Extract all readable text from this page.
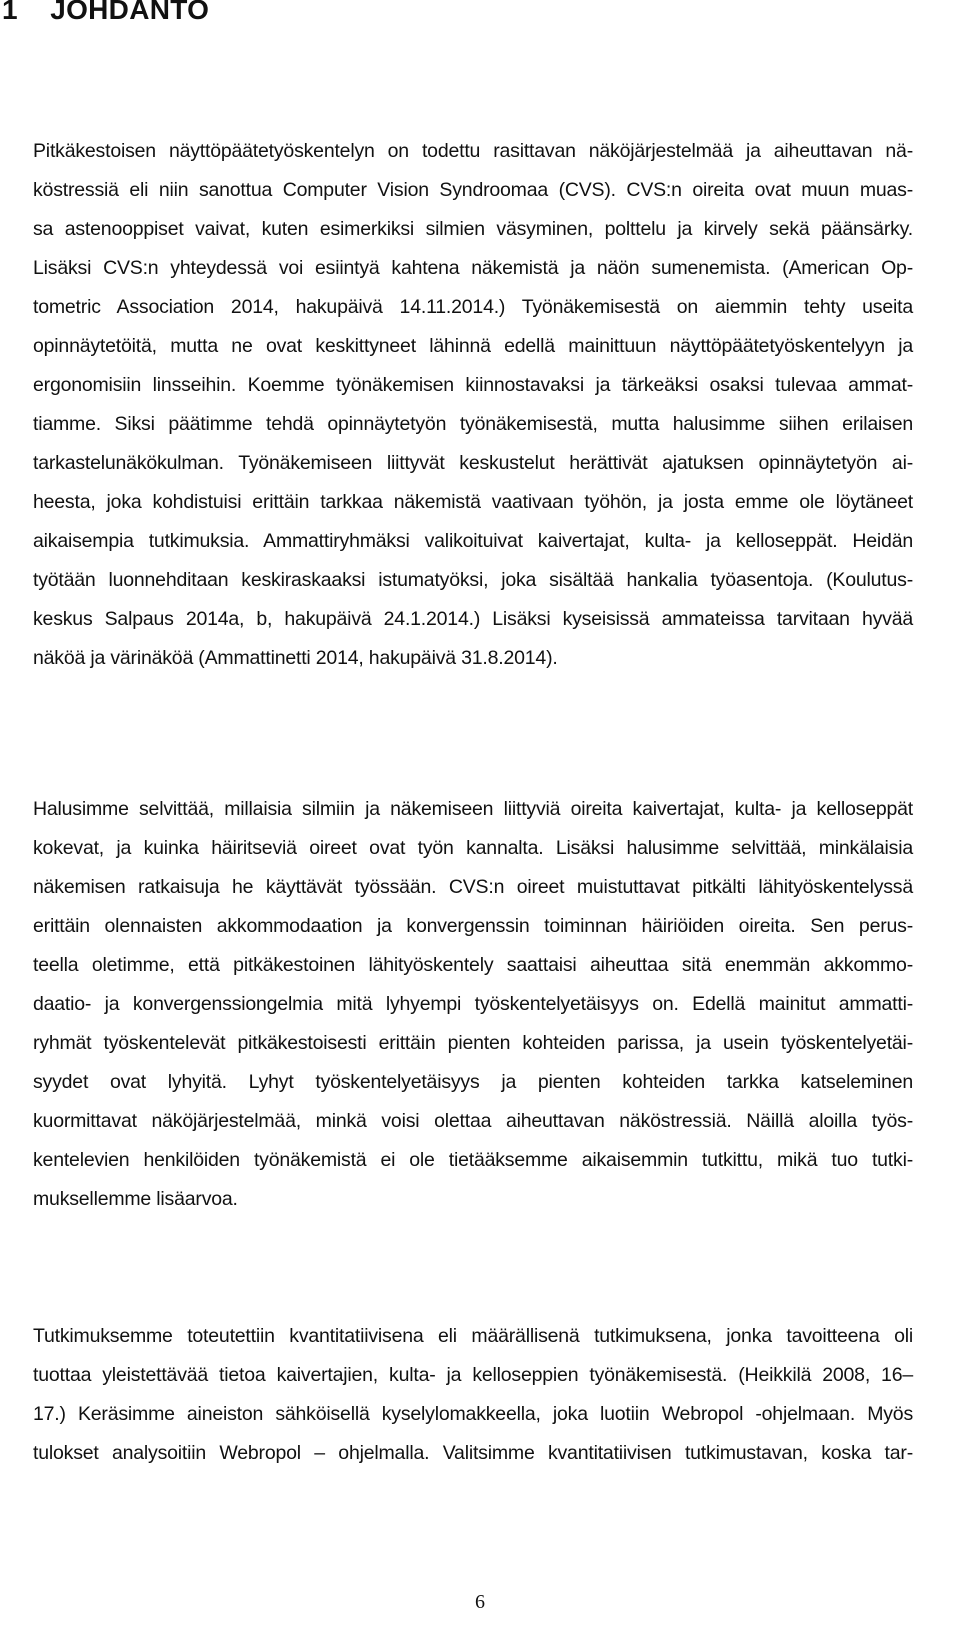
1 JOHDANTO
Pitkäkestoisen näyttöpäätetyöskentelyn on todettu rasittavan näköjärjestelmää ja aiheuttavan nä-
köstressiä eli niin sanottua Computer Vision Syndroomaa (CVS). CVS:n oireita ovat muun muas-
sa astenooppiset vaivat, kuten esimerkiksi silmien väsyminen, polttelu ja kirvely sekä päänsärky.
Lisäksi CVS:n yhteydessä voi esiintyä kahtena näkemistä ja näön sumenemista. (American Op-
tometric Association 2014, hakupäivä 14.11.2014.) Työnäkemisestä on aiemmin tehty useita
opinnäytetöitä, mutta ne ovat keskittyneet lähinnä edellä mainittuun näyttöpäätetyöskentelyyn ja
ergonomisiin linsseihin. Koemme työnäkemisen kiinnostavaksi ja tärkeäksi osaksi tulevaa ammat-
tiamme. Siksi päätimme tehdä opinnäytetyön työnäkemisestä, mutta halusimme siihen erilaisen
tarkastelunäkökulman. Työnäkemiseen liittyvät keskustelut herättivät ajatuksen opinnäytetyön ai-
heesta, joka kohdistuisi erittäin tarkkaa näkemistä vaativaan työhön, ja josta emme ole löytäneet
aikaisempia tutkimuksia. Ammattiryhmäksi valikoituivat kaivertajat, kulta- ja kelloseppät. Heidän
työtään luonnehditaan keskiraskaaksi istumatyöksi, joka sisältää hankalia työasentoja. (Koulutus-
keskus Salpaus 2014a, b, hakupäivä 24.1.2014.) Lisäksi kyseisissä ammateissa tarvitaan hyvää
näköä ja värinäköä (Ammattinetti 2014, hakupäivä 31.8.2014).
Halusimme selvittää, millaisia silmiin ja näkemiseen liittyviä oireita kaivertajat, kulta- ja kelloseppät
kokevat, ja kuinka häiritseviä oireet ovat työn kannalta. Lisäksi halusimme selvittää, minkälaisia
näkemisen ratkaisuja he käyttävät työssään. CVS:n oireet muistuttavat pitkälti lähityöskentelyssä
erittäin olennaisten akkommodaation ja konvergenssin toiminnan häiriöiden oireita. Sen perus-
teella oletimme, että pitkäkestoinen lähityöskentely saattaisi aiheuttaa sitä enemmän akkommo-
daatio- ja konvergenssiongelmia mitä lyhyempi työskentelyetäisyys on. Edellä mainitut ammatti-
ryhmät työskentelevät pitkäkestoisesti erittäin pienten kohteiden parissa, ja usein työskentelyetäi-
syydet ovat lyhyitä. Lyhyt työskentelyetäisyys ja pienten kohteiden tarkka katseleminen
kuormittavat näköjärjestelmää, minkä voisi olettaa aiheuttavan näköstressiä. Näillä aloilla työs-
kentelevien henkilöiden työnäkemistä ei ole tietääksemme aikaisemmin tutkittu, mikä tuo tutki-
muksellemme lisäarvoa.
Tutkimuksemme toteutettiin kvantitatiivisena eli määrällisenä tutkimuksena, jonka tavoitteena oli
tuottaa yleistettävää tietoa kaivertajien, kulta- ja kelloseppien työnäkemisestä. (Heikkilä 2008, 16–
17.) Keräsimme aineiston sähköisellä kyselylomakkeella, joka luotiin Webropol -ohjelmaan. Myös
tulokset analysoitiin Webropol – ohjelmalla. Valitsimme kvantitatiivisen tutkimustavan, koska tar-
6
